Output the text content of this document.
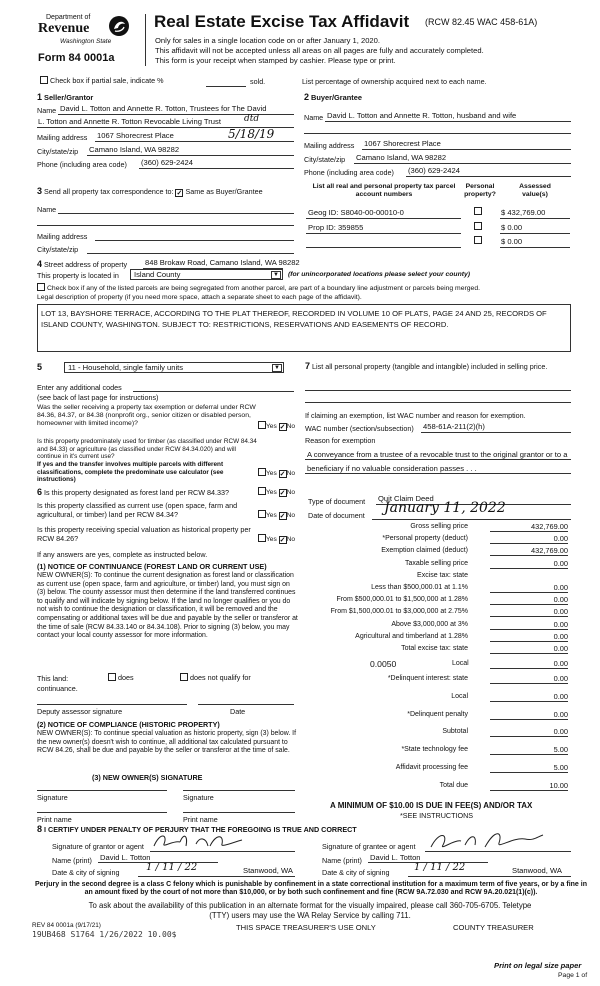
Department of
Revenue
Washington State
Form 84 0001a
Real Estate Excise Tax Affidavit (RCW 82.45 WAC 458-61A)
Only for sales in a single location code on or after January 1, 2020.
This affidavit will not be accepted unless all areas on all pages are fully and accurately completed.
This form is your receipt when stamped by cashier. Please type or print.
Check box if partial sale, indicate %	sold.	List percentage of ownership acquired next to each name.
1 Seller/Grantor
Name David L. Totton and Annette R. Totton, Trustees for The David
L. Totton and Annette R. Totton Revocable Living Trust	dtd
Mailing address 1067 Shorecrest Place	5/18/19
City/state/zip Camano Island, WA 98282
Phone (including area code) (360) 629-2424
2 Buyer/Grantee
Name David L. Totton and Annette R. Totton, husband and wife
Mailing address 1067 Shorecrest Place
City/state/zip Camano Island, WA 98282
Phone (including area code) (360) 629-2424
3 Send all property tax correspondence to: ✓ Same as Buyer/Grantee
Name
Mailing address
City/state/zip
List all real and personal property tax parcel account numbers
Personal property?
Assessed value(s)
Geog ID: S8040-00-00010-0	$ 432,769.00
Prop ID: 359855	$ 0.00
$ 0.00
4 Street address of property 848 Brokaw Road, Camano Island, WA 98282
This property is located in	Island County	▼ (for unincorporated locations please select your county)
Check box if any of the listed parcels are being segregated from another parcel, are part of a boundary line adjustment or parcels being merged.
Legal description of property (if you need more space, attach a separate sheet to each page of the affidavit).
LOT 13, BAYSHORE TERRACE, ACCORDING TO THE PLAT THEREOF, RECORDED IN VOLUME 10 OF PLATS, PAGE 24 AND 25, RECORDS OF ISLAND COUNTY, WASHINGTON. SUBJECT TO: RESTRICTIONS, RESERVATIONS AND EASEMENTS OF RECORD.
5	11 - Household, single family units	▼
Enter any additional codes
(see back of last page for instructions)
Was the seller receiving a property tax exemption or deferral under RCW 84.36, 84.37, or 84.38 (nonprofit org., senior citizen or disabled person, homeowner with limited income)?	Yes ✓No
Is this property predominately used for timber (as classified under RCW 84.34 and 84.33) or agriculture (as classified under RCW 84.34.020) and will continue in it's current use?
If yes and the transfer involves multiple parcels with different classifications, complete the predominate use calculator (see instructions)
Yes ✓No
6 Is this property designated as forest land per RCW 84.33?	Yes ✓No
Is this property classified as current use (open space, farm and agricultural, or timber) land per RCW 84.34?	Yes ✓No
Is this property receiving special valuation as historical property per RCW 84.26?	Yes ✓No
If any answers are yes, complete as instructed below.
(1) NOTICE OF CONTINUANCE (FOREST LAND OR CURRENT USE)
NEW OWNER(S): To continue the current designation as forest land or classification as current use (open space, farm and agriculture, or timber) land, you must sign on (3) below. The county assessor must then determine if the land transferred continues to qualify and will indicate by signing below. If the land no longer qualifies or you do not wish to continue the designation or classification, it will be removed and the compensating or additional taxes will be due and payable by the seller or transferor at the time of sale (RCW 84.33.140 or 84.34.108). Prior to signing (3) below, you may contact your local county assessor for more information.
This land:	does	does not qualify for
continuance.
Deputy assessor signature	Date
(2) NOTICE OF COMPLIANCE (HISTORIC PROPERTY)
NEW OWNER(S): To continue special valuation as historic property, sign (3) below. If the new owner(s) doesn't wish to continue, all additional tax calculated pursuant to RCW 84.26, shall be due and payable by the seller or transferor at the time of sale.
(3) NEW OWNER(S) SIGNATURE
Signature	Signature
Print name	Print name
7 List all personal property (tangible and intangible) included in selling price.
If claiming an exemption, list WAC number and reason for exemption.
WAC number (section/subsection) 458-61A-211(2)(h)
Reason for exemption
A conveyance from a trustee of a revocable trust to the original grantor or to a beneficiary if no valuable consideration passes . . .
Type of document Quit Claim Deed
Date of document January 11, 2022
Gross selling price	432,769.00
*Personal property (deduct)	0.00
Exemption claimed (deduct)	432,769.00
Taxable selling price	0.00
Excise tax: state
Less than $500,000.01 at 1.1%	0.00
From $500,000.01 to $1,500,000 at 1.28%	0.00
From $1,500,000.01 to $3,000,000 at 2.75%	0.00
Above $3,000,000 at 3%	0.00
Agricultural and timberland at 1.28%	0.00
Total excise tax: state	0.00
0.0050	Local	0.00
*Delinquent interest: state	0.00
Local	0.00
*Delinquent penalty	0.00
Subtotal	0.00
*State technology fee	5.00
Affidavit processing fee	5.00
Total due	10.00
A MINIMUM OF $10.00 IS DUE IN FEE(S) AND/OR TAX
*SEE INSTRUCTIONS
8 I CERTIFY UNDER PENALTY OF PERJURY THAT THE FOREGOING IS TRUE AND CORRECT
Signature of grantor or agent
Name (print) David L. Totton
Date & city of signing	1 / 11 / 22	Stanwood, WA
Signature of grantee or agent
Name (print) David L. Totton
Date & city of signing 1 / 11 / 22	Stanwood, WA
Perjury in the second degree is a class C felony which is punishable by confinement in a state correctional institution for a maximum term of five years, or by a fine in an amount fixed by the court of not more than $10,000, or by both such confinement and fine (RCW 9A.72.030 and RCW 9A.20.021(1)(c)).
To ask about the availability of this publication in an alternate format for the visually impaired, please call 360-705-6705. Teletype
(TTY) users may use the WA Relay Service by calling 711.
REV 84 0001a (9/17/21)
19UB468 S1764 1/26/2022 10.00$
THIS SPACE TREASURER'S USE ONLY	COUNTY TREASURER
Print on legal size paper
Page 1 of
